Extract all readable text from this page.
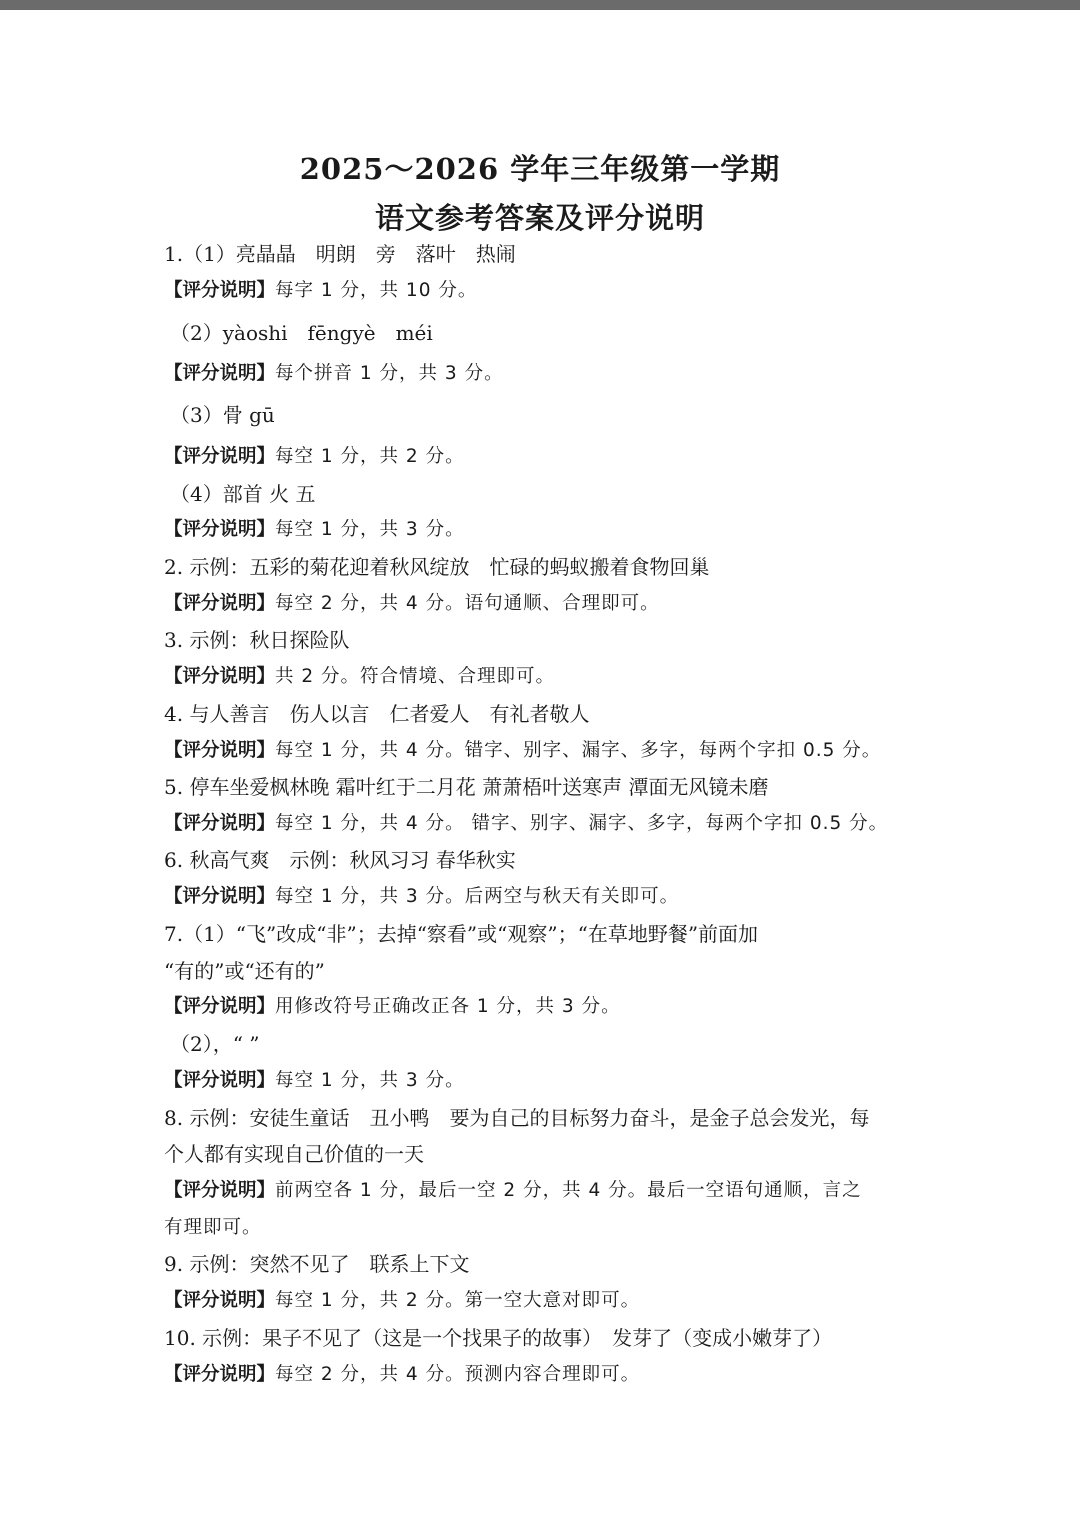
2025～2026 学年三年级第一学期
语文参考答案及评分说明
1.（1）亮晶晶　明朗　旁　落叶　热闹
【评分说明】每字 1 分，共 10 分。
（2）yàoshi　fēngyè　méi
【评分说明】每个拼音 1 分，共 3 分。
（3）骨 gū
【评分说明】每空 1 分，共 2 分。
（4）部首 火 五
【评分说明】每空 1 分，共 3 分。
2. 示例：五彩的菊花迎着秋风绽放　忙碌的蚂蚁搬着食物回巢
【评分说明】每空 2 分，共 4 分。语句通顺、合理即可。
3. 示例：秋日探险队
【评分说明】共 2 分。符合情境、合理即可。
4. 与人善言　伤人以言　仁者爱人　有礼者敬人
【评分说明】每空 1 分，共 4 分。错字、别字、漏字、多字，每两个字扣 0.5 分。
5. 停车坐爱枫林晚 霜叶红于二月花 萧萧梧叶送寒声 潭面无风镜未磨
【评分说明】每空 1 分，共 4 分。 错字、别字、漏字、多字，每两个字扣 0.5 分。
6. 秋高气爽　示例：秋风习习 春华秋实
【评分说明】每空 1 分，共 3 分。后两空与秋天有关即可。
7.（1）“飞”改成“非”；去掉“察看”或“观察”；“在草地野餐”前面加
“有的”或“还有的”
【评分说明】用修改符号正确改正各 1 分，共 3 分。
（2），“ ”
【评分说明】每空 1 分，共 3 分。
8. 示例：安徒生童话　丑小鸭　要为自己的目标努力奋斗，是金子总会发光，每
个人都有实现自己价值的一天
【评分说明】前两空各 1 分，最后一空 2 分，共 4 分。最后一空语句通顺，言之
有理即可。
9. 示例：突然不见了　联系上下文
【评分说明】每空 1 分，共 2 分。第一空大意对即可。
10. 示例：果子不见了（这是一个找果子的故事）　发芽了（变成小嫩芽了）
【评分说明】每空 2 分，共 4 分。预测内容合理即可。
